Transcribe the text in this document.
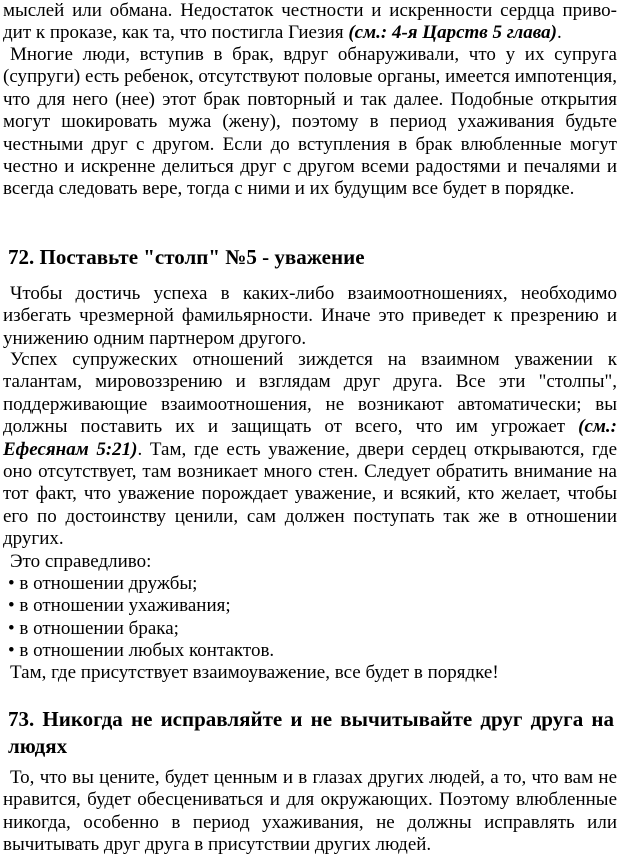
мыслей или обмана. Недостаток честности и искренности сердца приво-

дит к проказе, как та, что постигла Гиезия (см.: 4-я Царств 5 глава).

Многие люди, вступив в брак, вдруг обнаруживали, что у их супруга (супруги) есть ребенок, отсутствуют половые органы, имеется импотенция, что для него (нее) этот брак повторный и так далее. Подобные открытия могут шокировать мужа (жену), поэтому в период ухаживания будьте честными друг с другом. Если до вступления в брак влюбленные могут честно и искренне делиться друг с другом всеми радостями и печалями и всегда следовать вере, тогда с ними и их будущим все будет в порядке.

72. Поставьте "столп" №5 - уважение

Чтобы достичь успеха в каких-либо взаимоотношениях, необходимо избегать чрезмерной фамильярности. Иначе это приведет к презрению и унижению одним партнером другого.

Успех супружеских отношений зиждется на взаимном уважении к талантам, мировоззрению и взглядам друг друга. Все эти "столпы", поддерживающие взаимоотношения, не возникают автоматически; вы должны поставить их и защищать от всего, что им угрожает (см.: Ефесянам 5:21). Там, где есть уважение, двери сердец открываются, где оно отсутствует, там возникает много стен. Следует обратить внимание на тот факт, что уважение порождает уважение, и всякий, кто желает, чтобы его по достоинству ценили, сам должен поступать так же в отношении других.

Это справедливо:

• в отношении дружбы;
• в отношении ухаживания;
• в отношении брака;
• в отношении любых контактов.

Там, где присутствует взаимоуважение, все будет в порядке!

73. Никогда не исправляйте и не вычитывайте друг друга на людях

То, что вы цените, будет ценным и в глазах других людей, а то, что вам не нравится, будет обесцениваться и для окружающих. Поэтому влюбленные никогда, особенно в период ухаживания, не должны исправлять или вычитывать друг друга в присутствии других людей.
